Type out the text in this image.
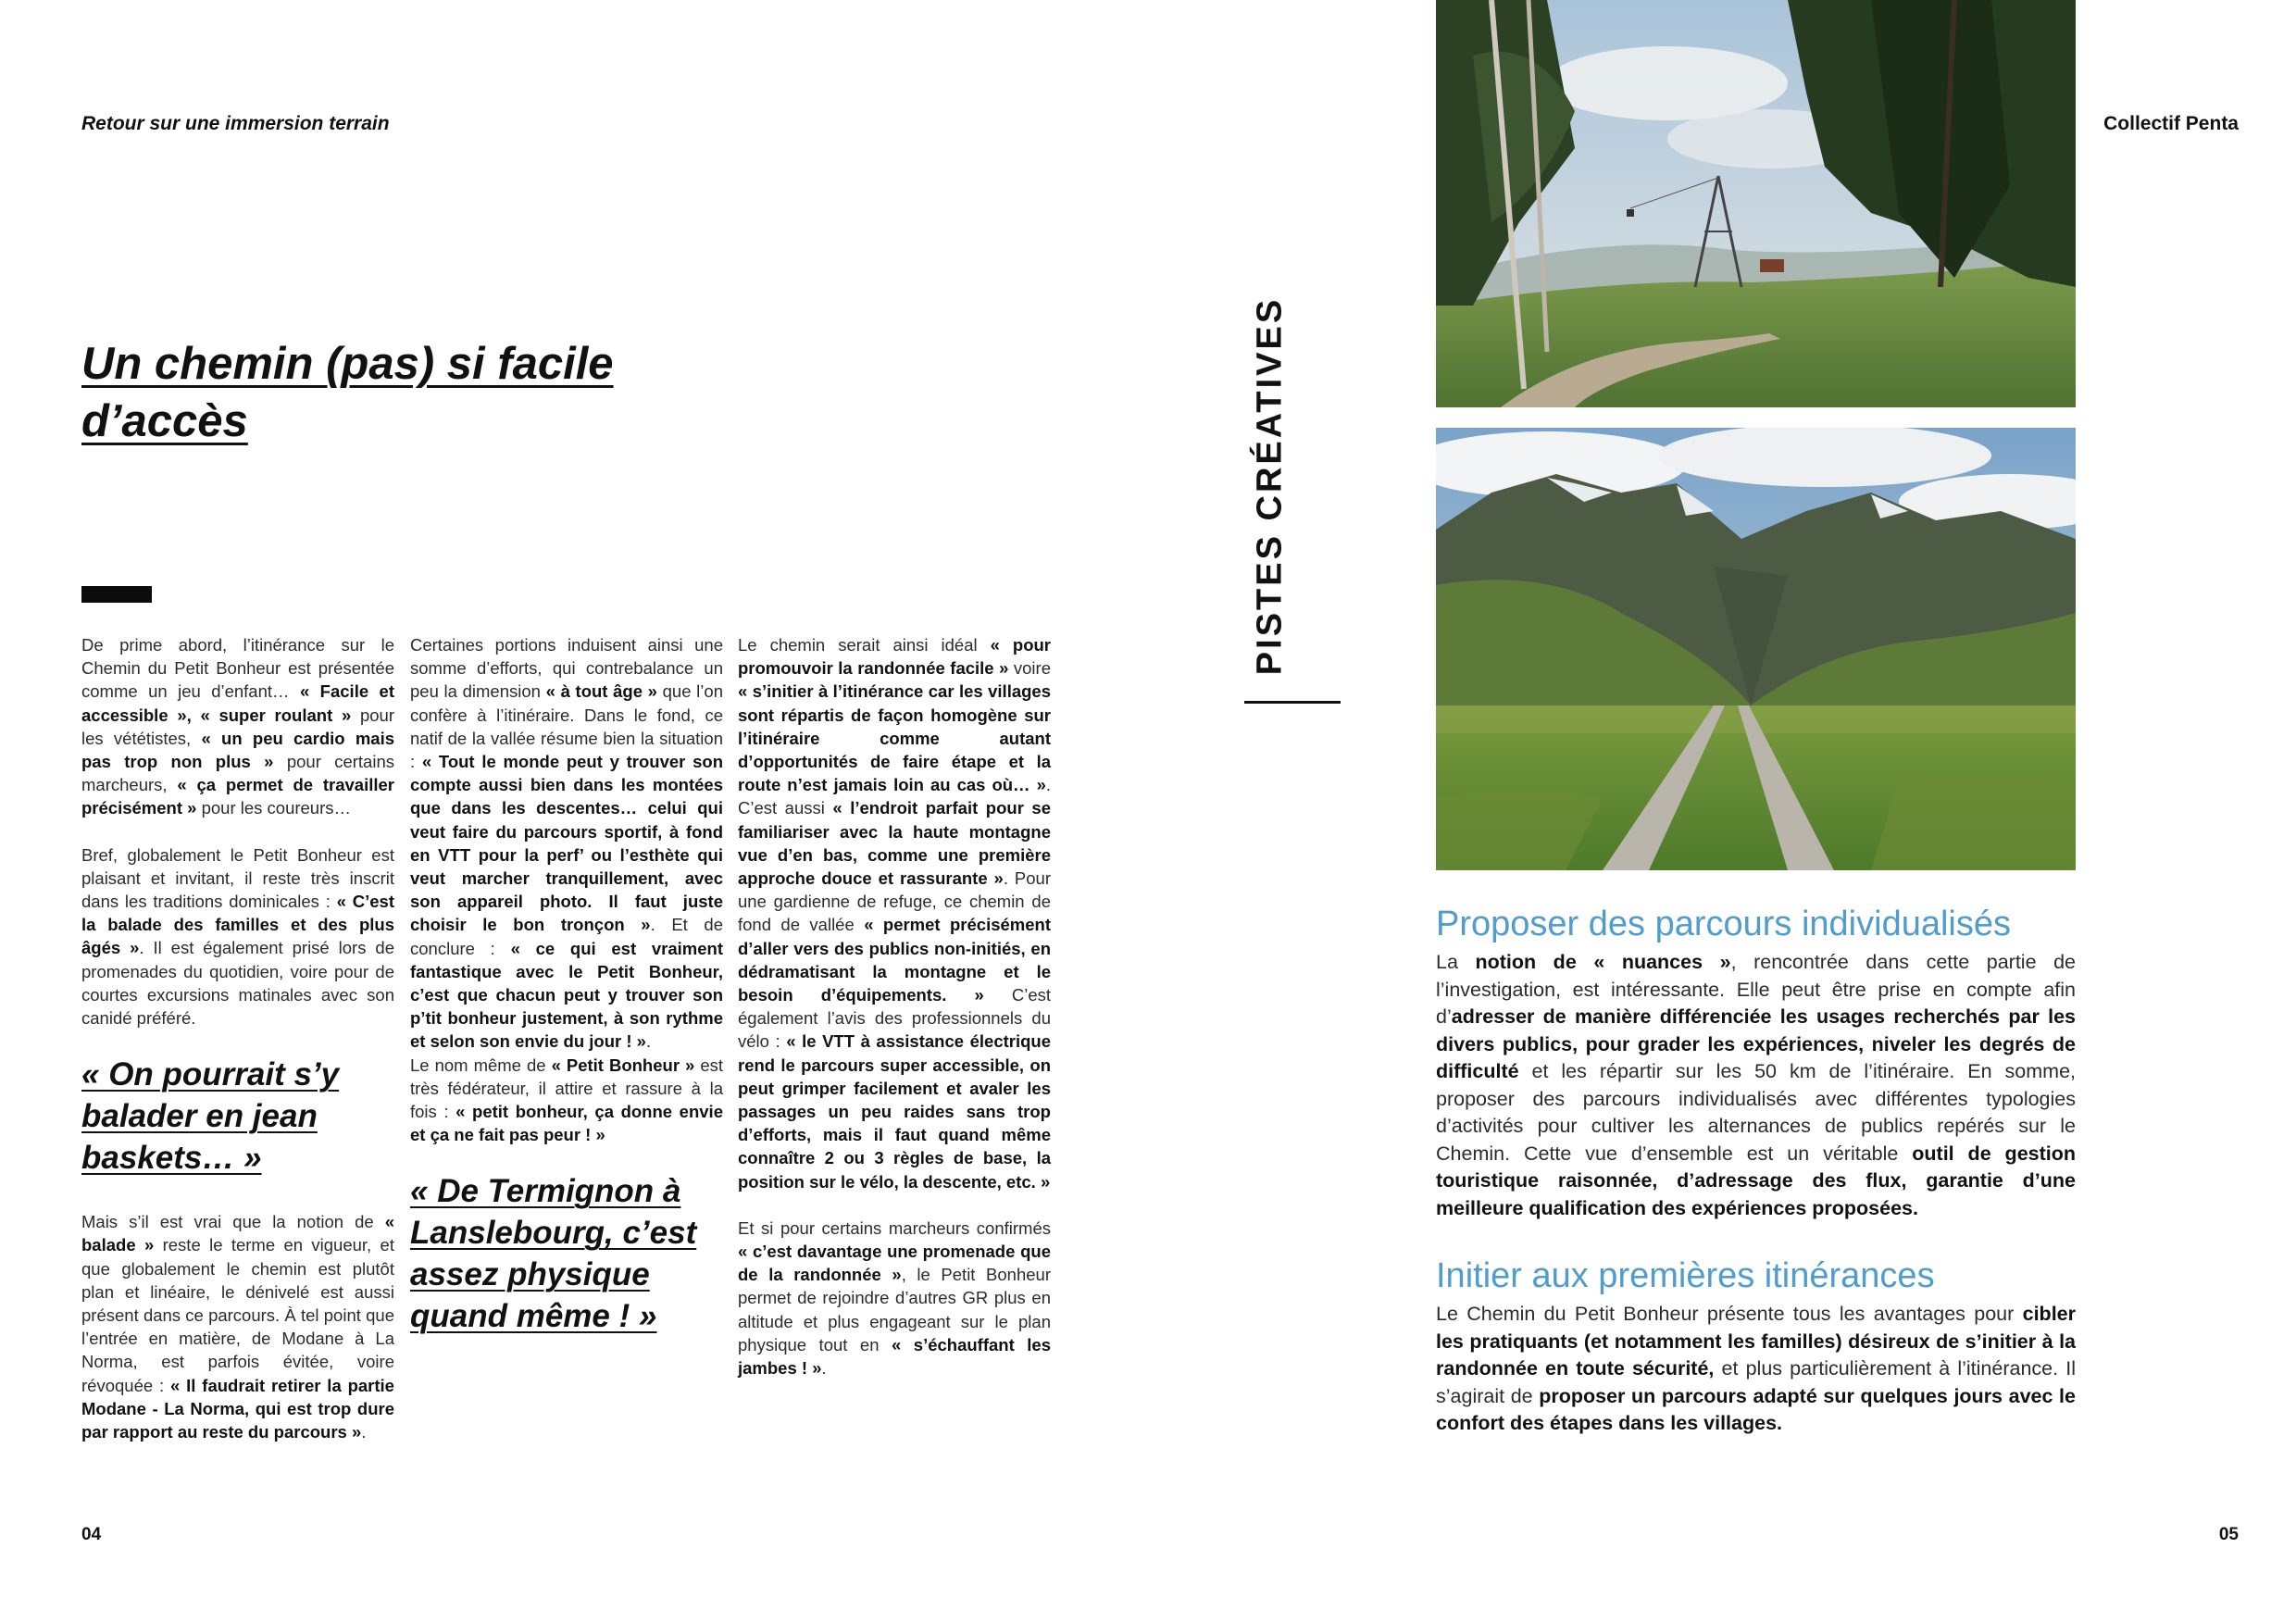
Retour sur une immersion terrain	Collectif Penta
Un chemin (pas) si facile
d’accès

De prime abord, l’itinérance sur le Chemin du Petit Bonheur est présentée comme un jeu d’enfant… « Facile et accessible », « super roulant » pour les vététistes, « un peu cardio mais pas trop non plus » pour certains marcheurs, « ça permet de travailler précisément » pour les coureurs…

Bref, globalement le Petit Bonheur est plaisant et invitant, il reste très inscrit dans les traditions dominicales : « C’est la balade des familles et des plus âgés ». Il est également prisé lors de promenades du quotidien, voire pour de courtes excursions matinales avec son canidé préféré.

« On pourrait s’y balader en jean baskets… »

Mais s’il est vrai que la notion de « balade » reste le terme en vigueur, et que globalement le chemin est plutôt plan et linéaire, le dénivelé est aussi présent dans ce parcours. À tel point que l’entrée en matière, de Modane à La Norma, est parfois évitée, voire révoquée : « Il faudrait retirer la partie Modane - La Norma, qui est trop dure par rapport au reste du parcours ».

Certaines portions induisent ainsi une somme d’efforts, qui contrebalance un peu la dimension « à tout âge » que l’on confère à l’itinéraire. Dans le fond, ce natif de la vallée résume bien la situation : « Tout le monde peut y trouver son compte aussi bien dans les montées que dans les descentes… celui qui veut faire du parcours sportif, à fond en VTT pour la perf’ ou l’esthète qui veut marcher tranquillement, avec son appareil photo. Il faut juste choisir le bon tronçon ». Et de conclure : « ce qui est vraiment fantastique avec le Petit Bonheur, c’est que chacun peut y trouver son p’tit bonheur justement, à son rythme et selon son envie du jour ! ».

Le nom même de « Petit Bonheur » est très fédérateur, il attire et rassure à la fois : « petit bonheur, ça donne envie et ça ne fait pas peur ! »

« De Termignon à Lanslebourg, c’est assez physique quand même ! »

Le chemin serait ainsi idéal « pour promouvoir la randonnée facile » voire « s’initier à l’itinérance car les villages sont répartis de façon homogène sur l’itinéraire comme autant d’opportunités de faire étape et la route n’est jamais loin au cas où… ». C’est aussi « l’endroit parfait pour se familiariser avec la haute montagne vue d’en bas, comme une première approche douce et rassurante ». Pour une gardienne de refuge, ce chemin de fond de vallée « permet précisément d’aller vers des publics non-initiés, en dédramatisant la montagne et le besoin d’équipements. » C’est également l’avis des professionnels du vélo : « le VTT à assistance électrique rend le parcours super accessible, on peut grimper facilement et avaler les passages un peu raides sans trop d’efforts, mais il faut quand même connaître 2 ou 3 règles de base, la position sur le vélo, la descente, etc. »

Et si pour certains marcheurs confirmés « c’est davantage une promenade que de la randonnée », le Petit Bonheur permet de rejoindre d’autres GR plus en altitude et plus engageant sur le plan physique tout en « s’échauffant les jambes ! ».

04
PISTES CRÉATIVES
Proposer des parcours individualisés

La notion de « nuances », rencontrée dans cette partie de l’investigation, est intéressante. Elle peut être prise en compte afin d’adresser de manière différenciée les usages recherchés par les divers publics, pour grader les expériences, niveler les degrés de difficulté et les répartir sur les 50 km de l’itinéraire. En somme, proposer des parcours individualisés avec différentes typologies d’activités pour cultiver les alternances de publics repérés sur le Chemin. Cette vue d’ensemble est un véritable outil de gestion touristique raisonnée, d’adressage des flux, garantie d’une meilleure qualification des expériences proposées.

Initier aux premières itinérances

Le Chemin du Petit Bonheur présente tous les avantages pour cibler les pratiquants (et notamment les familles) désireux de s’initier à la randonnée en toute sécurité, et plus particulièrement à l’itinérance. Il s’agirait de proposer un parcours adapté sur quelques jours avec le confort des étapes dans les villages.

05
